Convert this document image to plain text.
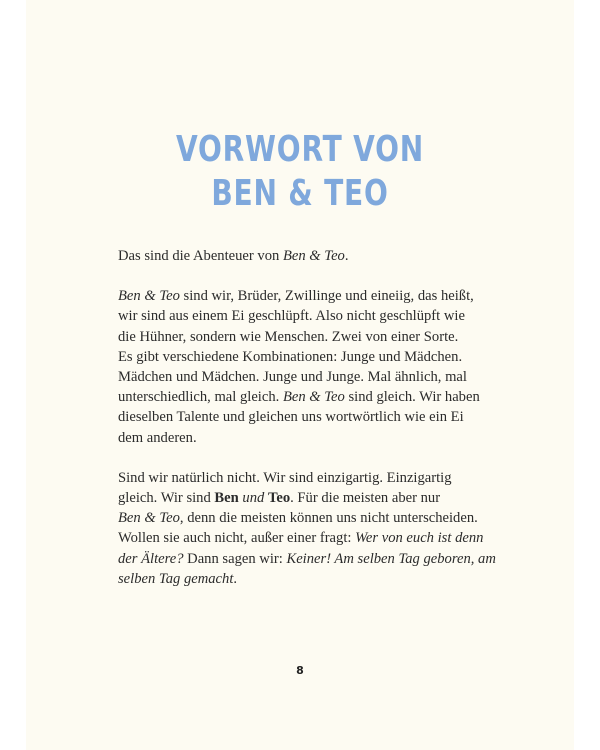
VORWORT VON
BEN & TEO

Das sind die Abenteuer von Ben & Teo.

Ben & Teo sind wir, Brüder, Zwillinge und eineiig, das heißt,
wir sind aus einem Ei geschlüpft. Also nicht geschlüpft wie
die Hühner, sondern wie Menschen. Zwei von einer Sorte.
Es gibt verschiedene Kombinationen: Junge und Mädchen.
Mädchen und Mädchen. Junge und Junge. Mal ähnlich, mal
unterschiedlich, mal gleich. Ben & Teo sind gleich. Wir haben
dieselben Talente und gleichen uns wortwörtlich wie ein Ei
dem anderen.

Sind wir natürlich nicht. Wir sind einzigartig. Einzigartig
gleich. Wir sind Ben und Teo. Für die meisten aber nur
Ben & Teo, denn die meisten können uns nicht unterscheiden.
Wollen sie auch nicht, außer einer fragt: Wer von euch ist denn
der Ältere? Dann sagen wir: Keiner! Am selben Tag geboren, am
selben Tag gemacht.

8
